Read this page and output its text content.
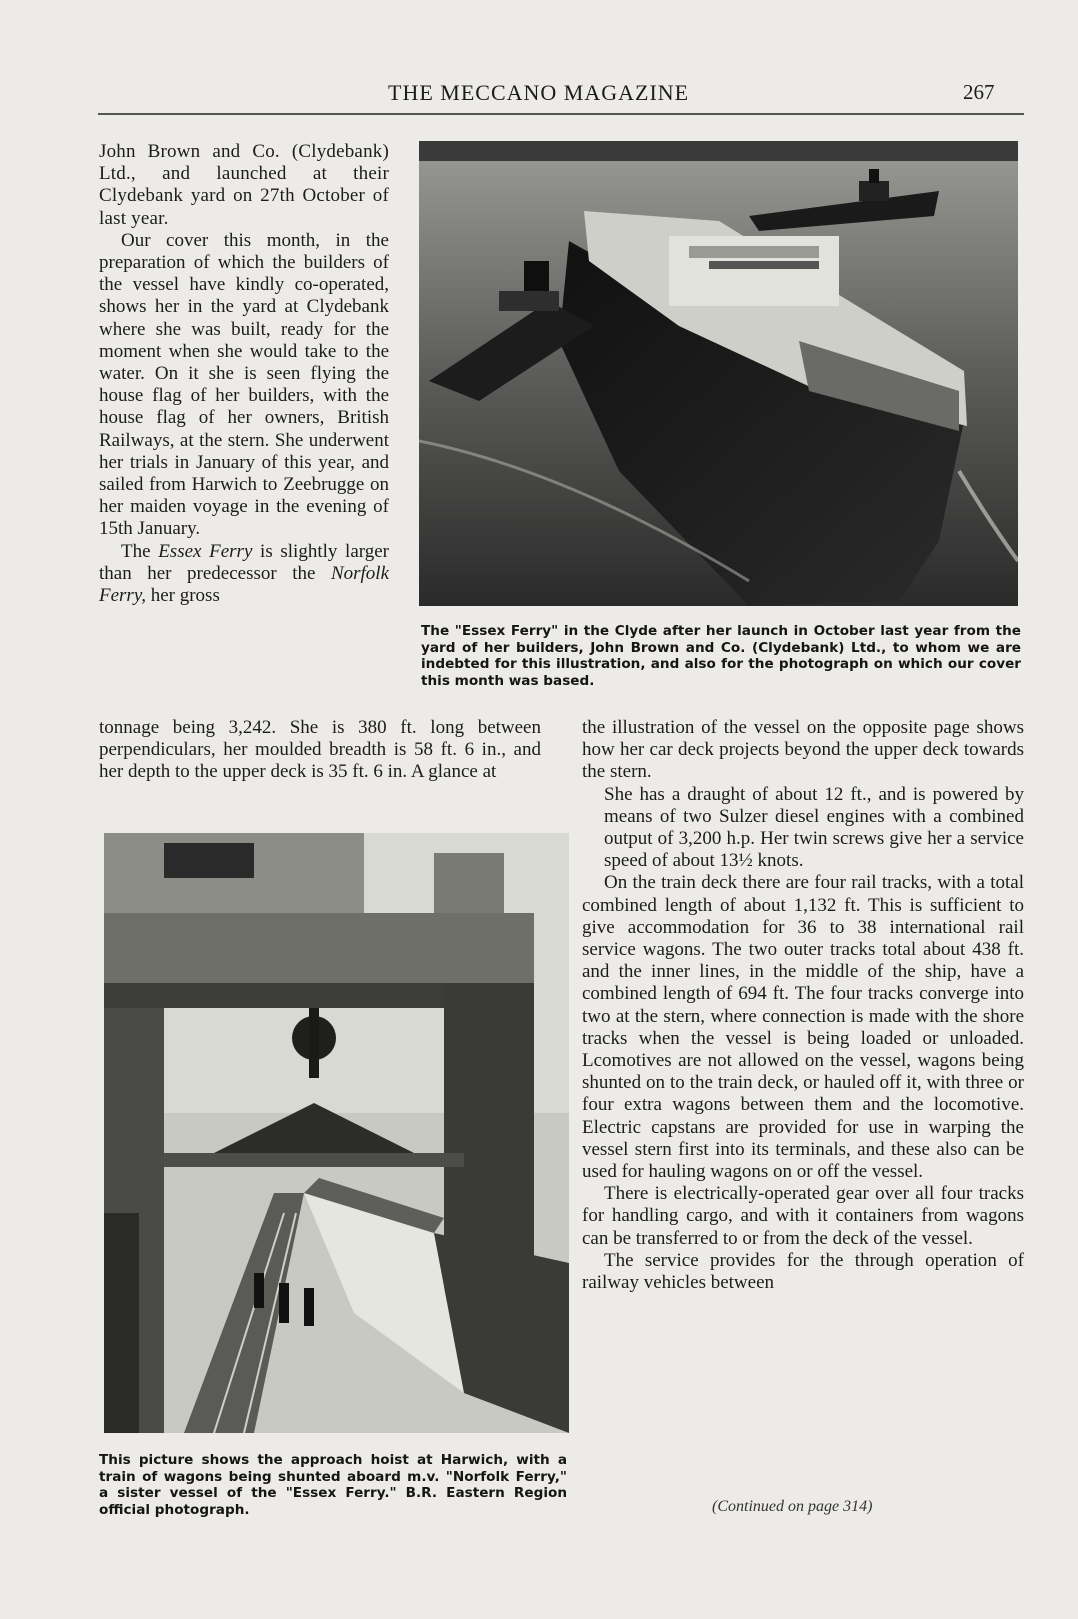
THE MECCANO MAGAZINE	267

John Brown and Co. (Clydebank) Ltd., and launched at their Clydebank yard on 27th October of last year.

Our cover this month, in the preparation of which the builders of the vessel have kindly co-operated, shows her in the yard at Clydebank where she was built, ready for the moment when she would take to the water. On it she is seen flying the house flag of her builders, with the house flag of her owners, British Railways, at the stern. She underwent her trials in January of this year, and sailed from Harwich to Zeebrugge on her maiden voyage in the evening of 15th January.

The Essex Ferry is slightly larger than her predecessor the Norfolk Ferry, her gross

tonnage being 3,242. She is 380 ft. long between perpendiculars, her moulded breadth is 58 ft. 6 in., and her depth to the upper deck is 35 ft. 6 in. A glance at

the illustration of the vessel on the opposite page shows how her car deck projects beyond the upper deck towards the stern.

She has a draught of about 12 ft., and is powered by means of two Sulzer diesel engines with a combined output of 3,200 h.p. Her twin screws give her a service speed of about 13½ knots.

On the train deck there are four rail tracks, with a total combined length of about 1,132 ft. This is sufficient to give accommodation for 36 to 38 international rail service wagons. The two outer tracks total about 438 ft. and the inner lines, in the middle of the ship, have a combined length of 694 ft. The four tracks converge into two at the stern, where connection is made with the shore tracks when the vessel is being loaded or unloaded. Lcomotives are not allowed on the vessel, wagons being shunted on to the train deck, or hauled off it, with three or four extra wagons between them and the locomotive. Electric capstans are provided for use in warping the vessel stern first into its terminals, and these also can be used for hauling wagons on or off the vessel.

There is electrically-operated gear over all four tracks for handling cargo, and with it containers from wagons can be transferred to or from the deck of the vessel.

The service provides for the through operation of railway vehicles between

(Continued on page 314)
The "Essex Ferry" in the Clyde after her launch in October last year from the yard of her builders, John Brown and Co. (Clydebank) Ltd., to whom we are indebted for this illustration, and also for the photograph on which our cover this month was based.
This picture shows the approach hoist at Harwich, with a train of wagons being shunted aboard m.v. "Norfolk Ferry," a sister vessel of the "Essex Ferry." B.R. Eastern Region official photograph.
